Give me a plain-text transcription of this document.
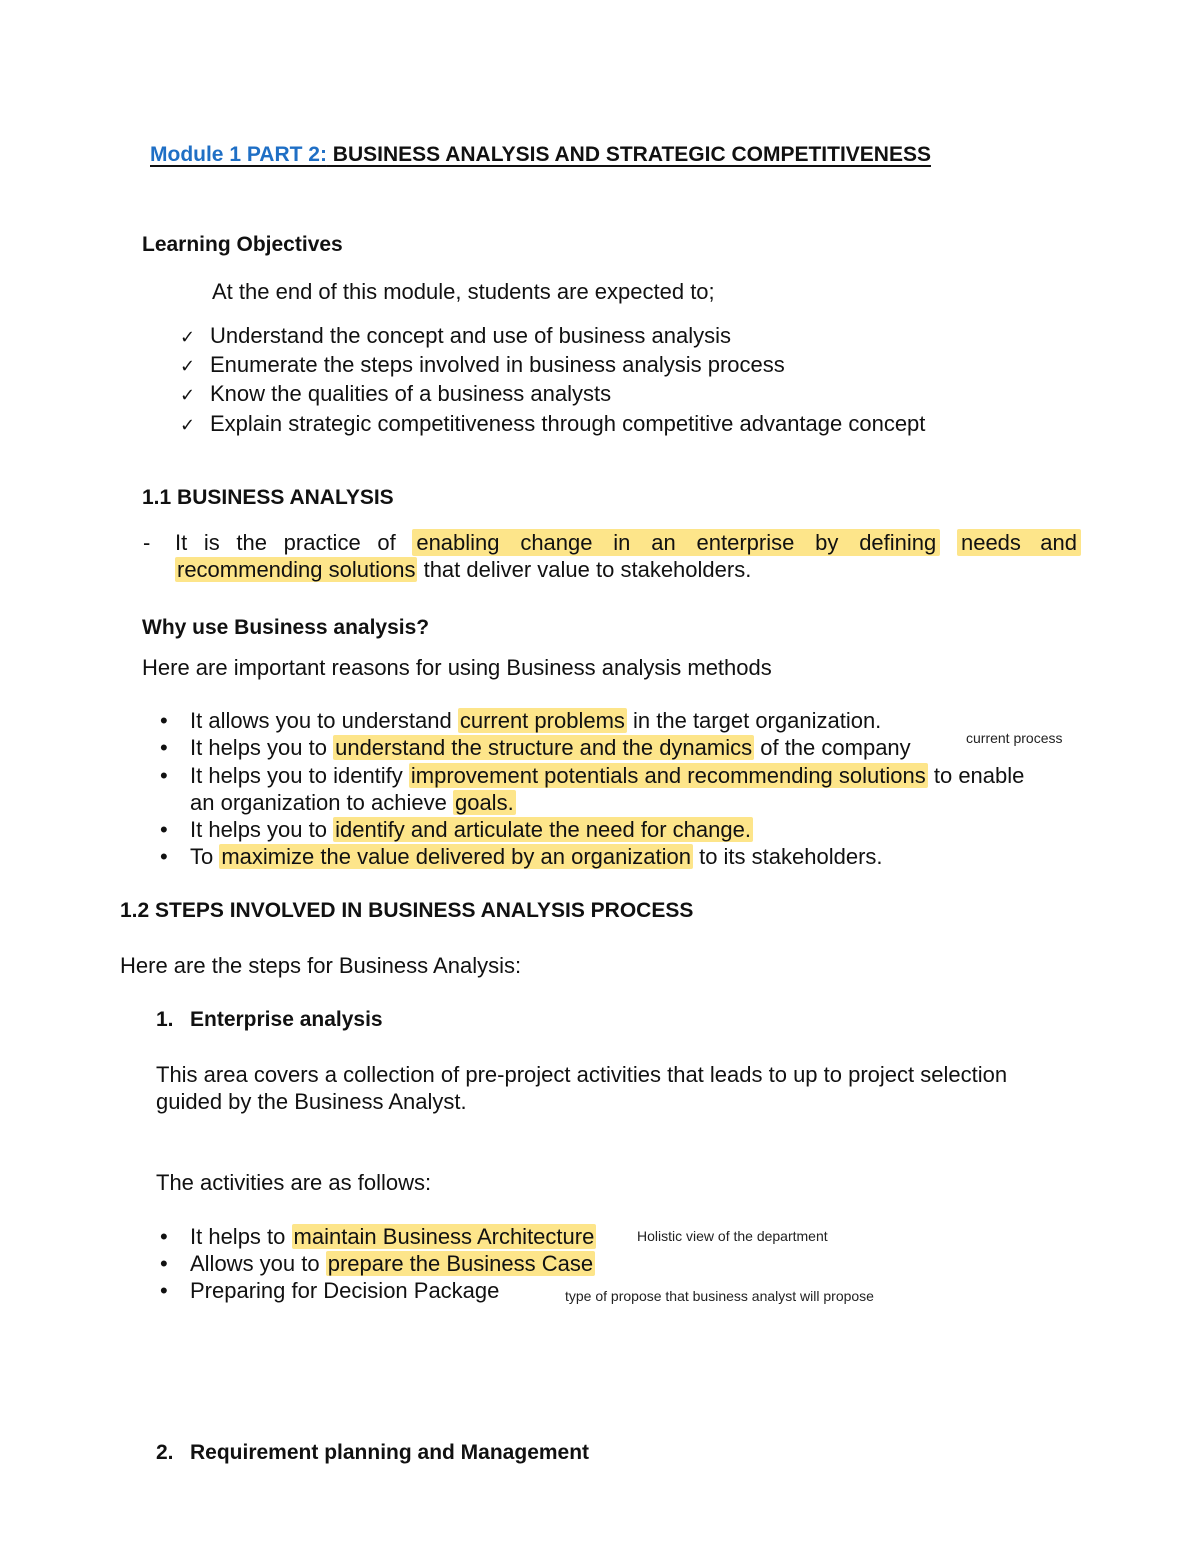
Module 1 PART 2: BUSINESS ANALYSIS AND STRATEGIC COMPETITIVENESS
Learning Objectives
At the end of this module, students are expected to;
✓ Understand the concept and use of business analysis
✓ Enumerate the steps involved in business analysis process
✓ Know the qualities of a business analysts
✓ Explain strategic competitiveness through competitive advantage concept
1.1 BUSINESS ANALYSIS
- It is the practice of enabling change in an enterprise by defining needs and
recommending solutions that deliver value to stakeholders.
Why use Business analysis?
Here are important reasons for using Business analysis methods
• It allows you to understand current problems in the target organization.
• It helps you to understand the structure and the dynamics of the company	current process
• It helps you to identify improvement potentials and recommending solutions to enable
an organization to achieve goals.
• It helps you to identify and articulate the need for change.
• To maximize the value delivered by an organization to its stakeholders.
1.2 STEPS INVOLVED IN BUSINESS ANALYSIS PROCESS
Here are the steps for Business Analysis:
1. Enterprise analysis
This area covers a collection of pre-project activities that leads to up to project selection
guided by the Business Analyst.
The activities are as follows:
• It helps to maintain Business Architecture	Holistic view of the department
• Allows you to prepare the Business Case
• Preparing for Decision Package	type of propose that business analyst will propose
2. Requirement planning and Management
